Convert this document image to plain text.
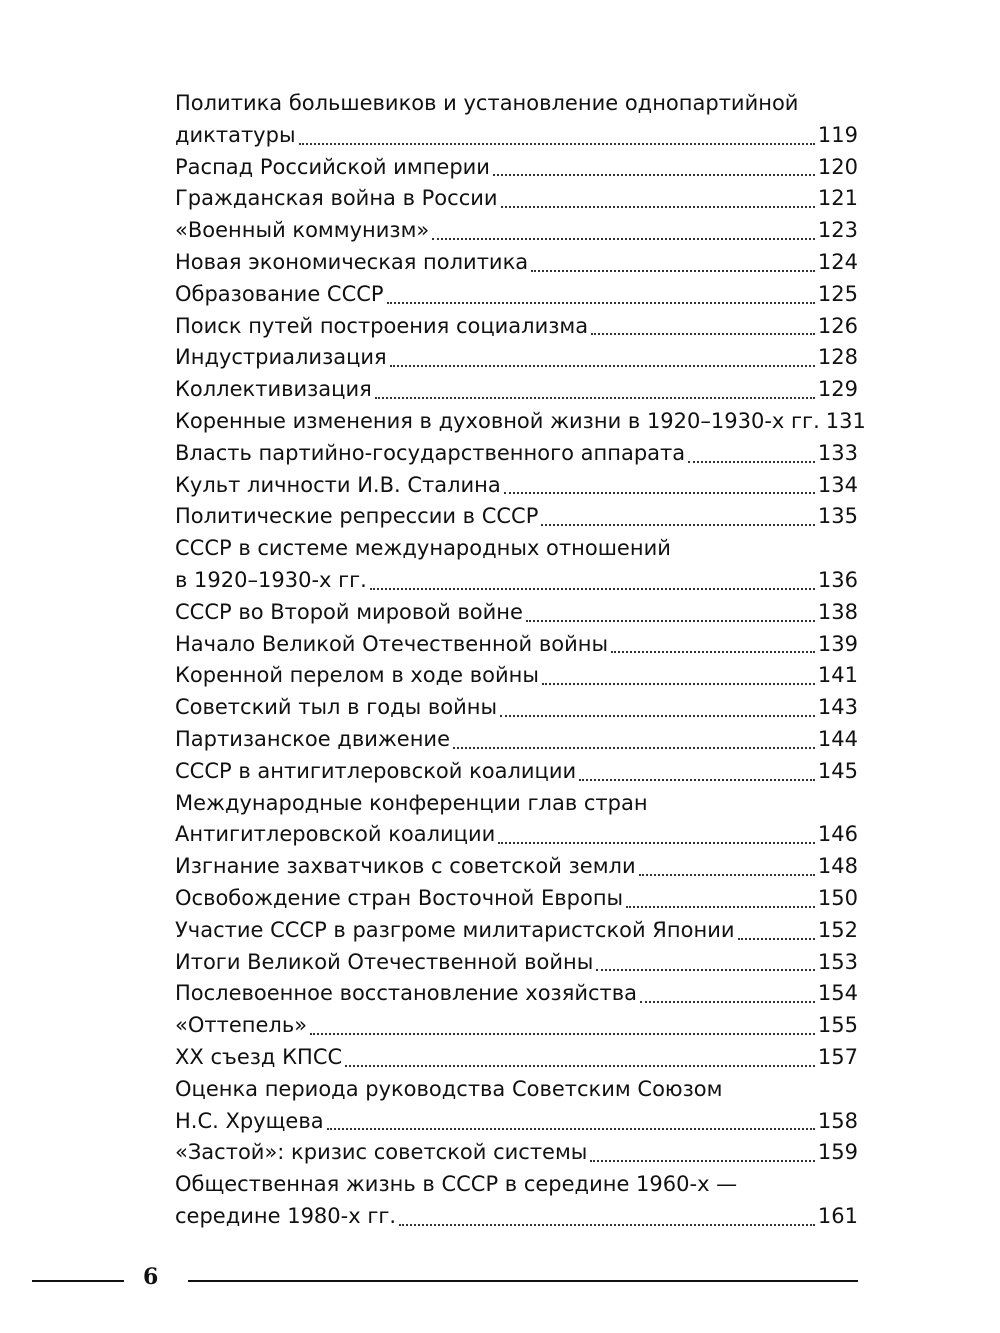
Политика большевиков и установление однопартийной
диктатуры	119
Распад Российской империи	120
Гражданская война в России	121
«Военный коммунизм»	123
Новая экономическая политика	124
Образование СССР	125
Поиск путей построения социализма	126
Индустриализация	128
Коллективизация	129
Коренные изменения в духовной жизни в 1920–1930-х гг. 131
Власть партийно-государственного аппарата	133
Культ личности И.В. Сталина	134
Политические репрессии в СССР	135
СССР в системе международных отношений
в 1920–1930-х гг.	136
СССР во Второй мировой войне	138
Начало Великой Отечественной войны	139
Коренной перелом в ходе войны	141
Советский тыл в годы войны	143
Партизанское движение	144
СССР в антигитлеровской коалиции	145
Международные конференции глав стран
Антигитлеровской коалиции	146
Изгнание захватчиков с советской земли	148
Освобождение стран Восточной Европы	150
Участие СССР в разгроме милитаристской Японии	152
Итоги Великой Отечественной войны	153
Послевоенное восстановление хозяйства	154
«Оттепель»	155
XX съезд КПСС	157
Оценка периода руководства Советским Союзом
Н.С. Хрущева	158
«Застой»: кризис советской системы	159
Общественная жизнь в СССР в середине 1960-х —
середине 1980-х гг.	161
6
